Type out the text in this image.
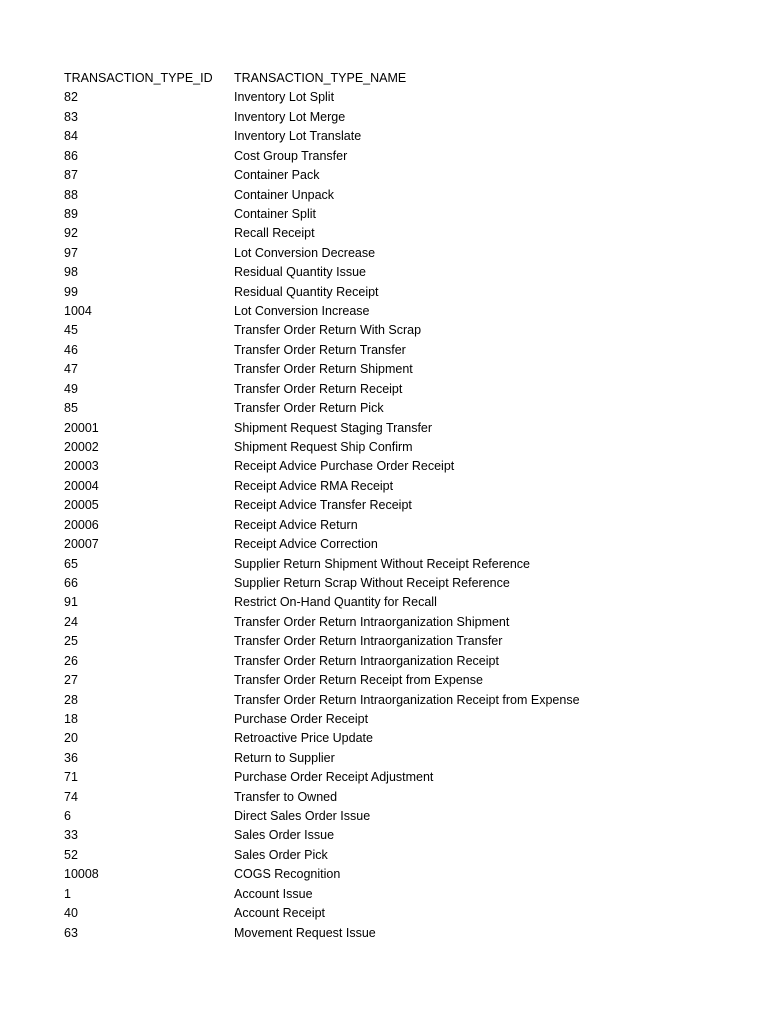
TRANSACTION_TYPE_ID	TRANSACTION_TYPE_NAME
82	Inventory Lot Split
83	Inventory Lot Merge
84	Inventory Lot Translate
86	Cost Group Transfer
87	Container Pack
88	Container Unpack
89	Container Split
92	Recall Receipt
97	Lot Conversion Decrease
98	Residual Quantity Issue
99	Residual Quantity Receipt
1004	Lot Conversion Increase
45	Transfer Order Return With Scrap
46	Transfer Order Return Transfer
47	Transfer Order Return Shipment
49	Transfer Order Return Receipt
85	Transfer Order Return Pick
20001	Shipment Request Staging Transfer
20002	Shipment Request Ship Confirm
20003	Receipt Advice Purchase Order Receipt
20004	Receipt Advice RMA Receipt
20005	Receipt Advice Transfer Receipt
20006	Receipt Advice Return
20007	Receipt Advice Correction
65	Supplier Return Shipment Without Receipt Reference
66	Supplier Return Scrap Without Receipt Reference
91	Restrict On-Hand Quantity for Recall
24	Transfer Order Return Intraorganization Shipment
25	Transfer Order Return Intraorganization Transfer
26	Transfer Order Return Intraorganization Receipt
27	Transfer Order Return Receipt from Expense
28	Transfer Order Return Intraorganization Receipt from Expense
18	Purchase Order Receipt
20	Retroactive Price Update
36	Return to Supplier
71	Purchase Order Receipt Adjustment
74	Transfer to Owned
6	Direct Sales Order Issue
33	Sales Order Issue
52	Sales Order Pick
10008	COGS Recognition
1	Account Issue
40	Account Receipt
63	Movement Request Issue
